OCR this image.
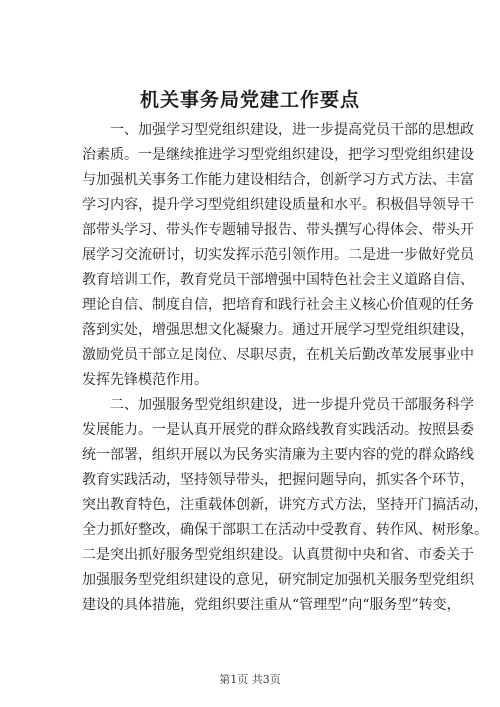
机关事务局党建工作要点
一、加强学习型党组织建设，进一步提高党员干部的思想政
治素质。一是继续推进学习型党组织建设，把学习型党组织建设
与加强机关事务工作能力建设相结合，创新学习方式方法、丰富
学习内容，提升学习型党组织建设质量和水平。积极倡导领导干
部带头学习、带头作专题辅导报告、带头撰写心得体会、带头开
展学习交流研讨，切实发挥示范引领作用。二是进一步做好党员
教育培训工作，教育党员干部增强中国特色社会主义道路自信、
理论自信、制度自信，把培育和践行社会主义核心价值观的任务
落到实处，增强思想文化凝聚力。通过开展学习型党组织建设，
激励党员干部立足岗位、尽职尽责，在机关后勤改革发展事业中
发挥先锋模范作用。
二、加强服务型党组织建设，进一步提升党员干部服务科学
发展能力。一是认真开展党的群众路线教育实践活动。按照县委
统一部署，组织开展以为民务实清廉为主要内容的党的群众路线
教育实践活动，坚持领导带头，把握问题导向，抓实各个环节，
突出教育特色，注重载体创新，讲究方式方法，坚持开门搞活动，
全力抓好整改，确保干部职工在活动中受教育、转作风、树形象。
二是突出抓好服务型党组织建设。认真贯彻中央和省、市委关于
加强服务型党组织建设的意见，研究制定加强机关服务型党组织
建设的具体措施，党组织要注重从“管理型”向“服务型”转变，
第1页 共3页
